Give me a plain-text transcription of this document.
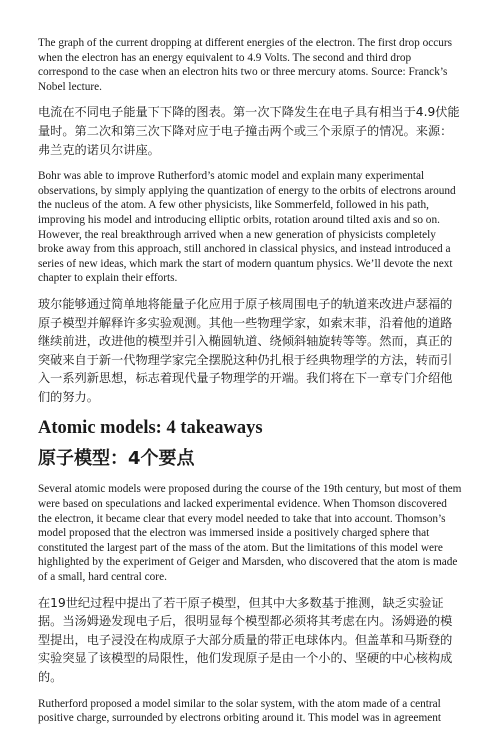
The graph of the current dropping at different energies of the electron. The first drop occurs when the electron has an energy equivalent to 4.9 Volts. The second and third drop correspond to the case when an electron hits two or three mercury atoms. Source: Franck’s Nobel lecture.

电流在不同电子能量下下降的图表。第一次下降发生在电子具有相当于4.9伏能量时。第二次和第三次下降对应于电子撞击两个或三个汞原子的情况。来源：弗兰克的诺贝尔讲座。

Bohr was able to improve Rutherford’s atomic model and explain many experimental observations, by simply applying the quantization of energy to the orbits of electrons around the nucleus of the atom. A few other physicists, like Sommerfeld, followed in his path, improving his model and introducing elliptic orbits, rotation around tilted axis and so on. However, the real breakthrough arrived when a new generation of physicists completely broke away from this approach, still anchored in classical physics, and instead introduced a series of new ideas, which mark the start of modern quantum physics. We’ll devote the next chapter to explain their efforts.

玻尔能够通过简单地将能量子化应用于原子核周围电子的轨道来改进卢瑟福的原子模型并解释许多实验观测。其他一些物理学家，如索末菲，沿着他的道路继续前进，改进他的模型并引入椭圆轨道、绕倾斜轴旋转等等。然而，真正的突破来自于新一代物理学家完全摆脱这种仍扎根于经典物理学的方法，转而引入一系列新思想，标志着现代量子物理学的开端。我们将在下一章专门介绍他们的努力。

Atomic models: 4 takeaways
原子模型：4个要点

Several atomic models were proposed during the course of the 19th century, but most of them were based on speculations and lacked experimental evidence. When Thomson discovered the electron, it became clear that every model needed to take that into account. Thomson’s model proposed that the electron was immersed inside a positively charged sphere that constituted the largest part of the mass of the atom. But the limitations of this model were highlighted by the experiment of Geiger and Marsden, who discovered that the atom is made of a small, hard central core.

在19世纪过程中提出了若干原子模型，但其中大多数基于推测，缺乏实验证据。当汤姆逊发现电子后，很明显每个模型都必须将其考虑在内。汤姆逊的模型提出，电子浸没在构成原子大部分质量的带正电球体内。但盖革和马斯登的实验突显了该模型的局限性，他们发现原子是由一个小的、坚硬的中心核构成的。

Rutherford proposed a model similar to the solar system, with the atom made of a central positive charge, surrounded by electrons orbiting around it. This model was in agreement
